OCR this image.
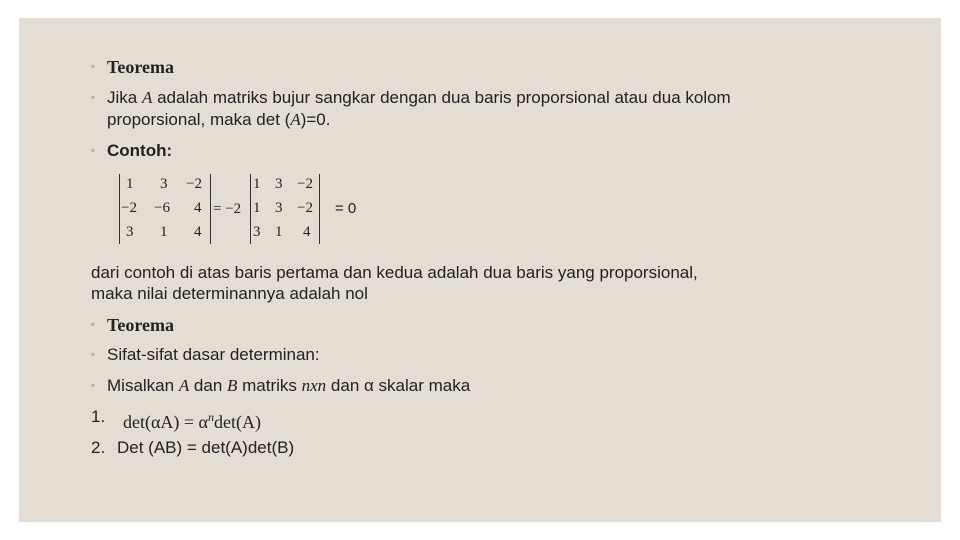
◦ Teorema
◦ Jika A adalah matriks bujur sangkar dengan dua baris proporsional atau dua kolom
proporsional, maka det (A)=0.
◦ Contoh:
1 3 −2
−2 −6 4
3 1 4
= −2
1 3 −2
1 3 −2
3 1 4
= 0
dari contoh di atas baris pertama dan kedua adalah dua baris yang proporsional,
maka nilai determinannya adalah nol
◦ Teorema
◦ Sifat-sifat dasar determinan:
◦ Misalkan A dan B matriks nxn dan α skalar maka
1. $\det(\alpha A) = \alpha^n\det(A)$
2. Det (AB) = det(A)det(B)
